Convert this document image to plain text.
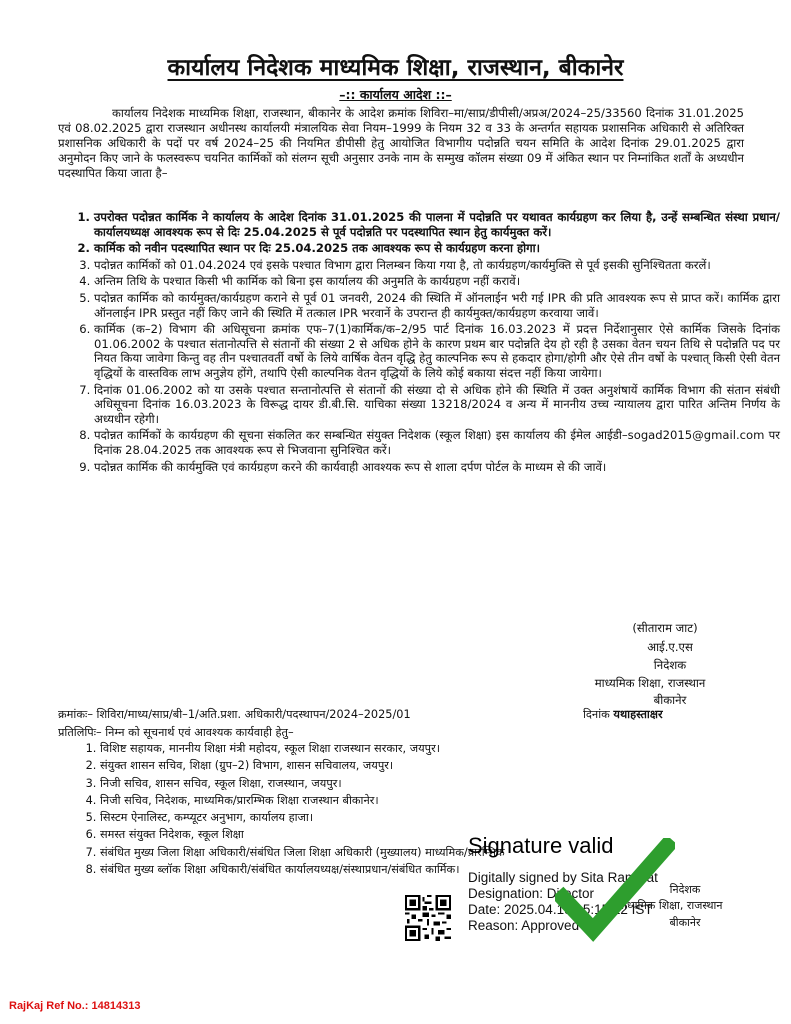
कार्यालय निदेशक माध्यमिक शिक्षा, राजस्थान, बीकानेर
–:: कार्यालय आदेश ::–
कार्यालय निदेशक माध्यमिक शिक्षा, राजस्थान, बीकानेर के आदेश क्रमांक शिविरा–मा/साप्र/डीपीसी/अप्रअ/2024–25/33560 दिनांक 31.01.2025 एवं 08.02.2025 द्वारा राजस्थान अधीनस्थ कार्यालयी मंत्रालयिक सेवा नियम–1999 के नियम 32 व 33 के अन्तर्गत सहायक प्रशासनिक अधिकारी से अतिरिक्त प्रशासनिक अधिकारी के पदों पर वर्ष 2024–25 की नियमित डीपीसी हेतु आयोजित विभागीय पदोन्नति चयन समिति के आदेश दिनांक 29.01.2025 द्वारा अनुमोदन किए जाने के फलस्वरूप चयनित कार्मिकों को संलग्न सूची अनुसार उनके नाम के सम्मुख कॉलम संख्या 09 में अंकित स्थान पर निम्नांकित शर्तों के अध्यधीन पदस्थापित किया जाता है–
1. उपरोक्त पदोन्नत कार्मिक ने कार्यालय के आदेश दिनांक 31.01.2025 की पालना में पदोन्नति पर यथावत कार्यग्रहण कर लिया है, उन्हें सम्बन्धित संस्था प्रधान/कार्यालयध्यक्ष आवश्यक रूप से दिः 25.04.2025 से पूर्व पदोन्नति पर पदस्थापित स्थान हेतु कार्यमुक्त करें।
2. कार्मिक को नवीन पदस्थापित स्थान पर दिः 25.04.2025 तक आवश्यक रूप से कार्यग्रहण करना होगा।
3. पदोन्नत कार्मिकों को 01.04.2024 एवं इसके पश्चात विभाग द्वारा निलम्बन किया गया है, तो कार्यग्रहण/कार्यमुक्ति से पूर्व इसकी सुनिश्चितता करलें।
4. अन्तिम तिथि के पश्चात किसी भी कार्मिक को बिना इस कार्यालय की अनुमति के कार्यग्रहण नहीं करावें।
5. पदोन्नत कार्मिक को कार्यमुक्त/कार्यग्रहण कराने से पूर्व 01 जनवरी, 2024 की स्थिति में ऑनलाईन भरी गई IPR की प्रति आवश्यक रूप से प्राप्त करें। कार्मिक द्वारा ऑनलाईन IPR प्रस्तुत नहीं किए जाने की स्थिति में तत्काल IPR भरवानें के उपरान्त ही कार्यमुक्त/कार्यग्रहण करवाया जावें।
6. कार्मिक (क–2) विभाग की अधिसूचना क्रमांक एफ–7(1)कार्मिक/क–2/95 पार्ट दिनांक 16.03.2023 में प्रदत्त निर्देशानुसार ऐसे कार्मिक जिसके दिनांक 01.06.2002 के पश्चात संतानोत्पत्ति से संतानों की संख्या 2 से अधिक होने के कारण प्रथम बार पदोन्नति देय हो रही है उसका वेतन चयन तिथि से पदोन्नति पद पर नियत किया जावेगा किन्तु वह तीन पश्चातवर्ती वर्षो के लिये वार्षिक वेतन वृद्धि हेतु काल्पनिक रूप से हकदार होगा/होगी और ऐसे तीन वर्षो के पश्चात् किसी ऐसी वेतन वृद्धियों के वास्तविक लाभ अनुज्ञेय होंगे, तथापि ऐसी काल्पनिक वेतन वृद्धियों के लिये कोई बकाया संदत्त नहीं किया जायेगा।
7. दिनांक 01.06.2002 को या उसके पश्चात सन्तानोत्पत्ति से संतानों की संख्या दो से अधिक होने की स्थिति में उक्त अनुशंषायें कार्मिक विभाग की संतान संबंधी अधिसूचना दिनांक 16.03.2023 के विरूद्ध दायर डी.बी.सि. याचिका संख्या 13218/2024 व अन्य में माननीय उच्च न्यायालय द्वारा पारित अन्तिम निर्णय के अध्यधीन रहेगी।
8. पदोन्नत कार्मिकों के कार्यग्रहण की सूचना संकलित कर सम्बन्धित संयुक्त निदेशक (स्कूल शिक्षा) इस कार्यालय की ईमेल आईडी–sogad2015@gmail.com पर दिनांक 28.04.2025 तक आवश्यक रूप से भिजवाना सुनिश्चित करें।
9. पदोन्नत कार्मिक की कार्यमुक्ति एवं कार्यग्रहण करने की कार्यवाही आवश्यक रूप से शाला दर्पण पोर्टल के माध्यम से की जावें।
(सीताराम जाट)
आई.ए.एस
निदेशक
माध्यमिक शिक्षा, राजस्थान
बीकानेर
क्रमांकः– शिविरा/माध्य/साप्र/बी–1/अति.प्रशा. अधिकारी/पदस्थापन/2024–2025/01	दिनांक यथाहस्ताक्षर
प्रतिलिपिः– निम्न को सूचनार्थ एवं आवश्यक कार्यवाही हेतु–
1. विशिष्ट सहायक, माननीय शिक्षा मंत्री महोदय, स्कूल शिक्षा राजस्थान सरकार, जयपुर।
2. संयुक्त शासन सचिव, शिक्षा (ग्रुप–2) विभाग, शासन सचिवालय, जयपुर।
3. निजी सचिव, शासन सचिव, स्कूल शिक्षा, राजस्थान, जयपुर।
4. निजी सचिव, निदेशक, माध्यमिक/प्रारम्भिक शिक्षा राजस्थान बीकानेर।
5. सिस्टम ऐनालिस्ट, कम्प्यूटर अनुभाग, कार्यालय हाजा।
6. समस्त संयुक्त निदेशक, स्कूल शिक्षा
7. संबंधित मुख्य जिला शिक्षा अधिकारी/संबंधित जिला शिक्षा अधिकारी (मुख्यालय) माध्यमिक/प्रारम्भिक
8. संबंधित मुख्य ब्लॉक शिक्षा अधिकारी/संबंधित कार्यालयध्यक्ष/संस्थाप्रधान/संबंधित कार्मिक।
निदेशक
माध्यमिक शिक्षा, राजस्थान
बीकानेर
Signature valid
Digitally signed by Sita Ram Jat
Designation: Director
Date: 2025.04.19 15:15:12 IST
Reason: Approved
RajKaj Ref No.: 14814313
